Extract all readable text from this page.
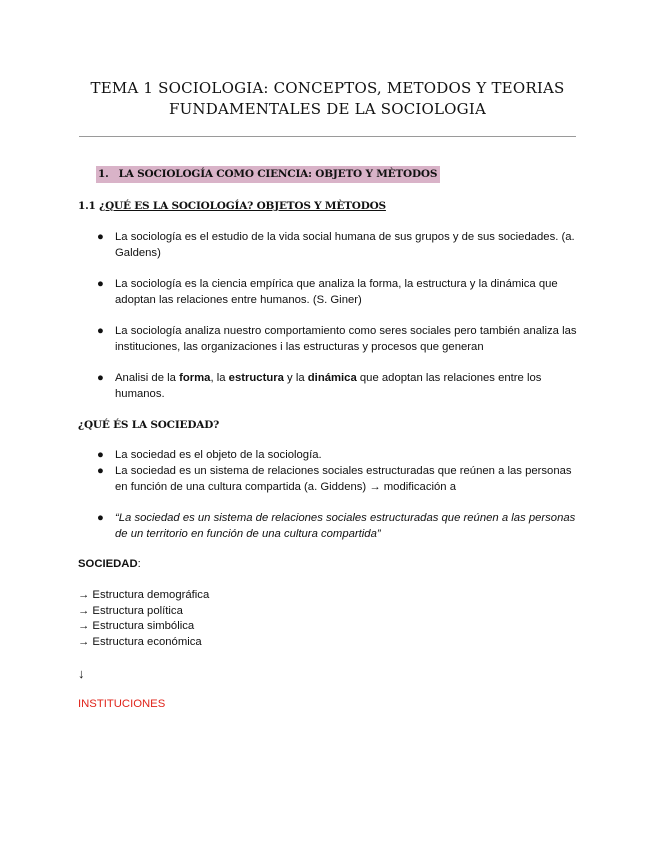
TEMA 1 SOCIOLOGIA: CONCEPTOS, METODOS Y TEORIAS
FUNDAMENTALES DE LA SOCIOLOGIA
1. LA SOCIOLOGÍA COMO CIENCIA: OBJETO Y MÈTODOS
1.1 ¿QUÉ ES LA SOCIOLOGÍA? OBJETOS Y MÈTODOS
● La sociología es el estudio de la vida social humana de sus grupos y de sus sociedades. (a. Galdens)
● La sociología es la ciencia empírica que analiza la forma, la estructura y la dinámica que adoptan las relaciones entre humanos. (S. Giner)
● La sociología analiza nuestro comportamiento como seres sociales pero también analiza las instituciones, las organizaciones i las estructuras y procesos que generan
● Analisi de la forma, la estructura y la dinámica que adoptan las relaciones entre los humanos.
¿QUÉ ÉS LA SOCIEDAD?
● La sociedad es el objeto de la sociología.
● La sociedad es un sistema de relaciones sociales estructuradas que reúnen a las personas en función de una cultura compartida (a. Giddens) → modificación a
● “La sociedad es un sistema de relaciones sociales estructuradas que reúnen a las personas de un territorio en función de una cultura compartida”
SOCIEDAD:
→ Estructura demográfica
→ Estructura política
→ Estructura simbólica
→ Estructura económica
↓
INSTITUCIONES
